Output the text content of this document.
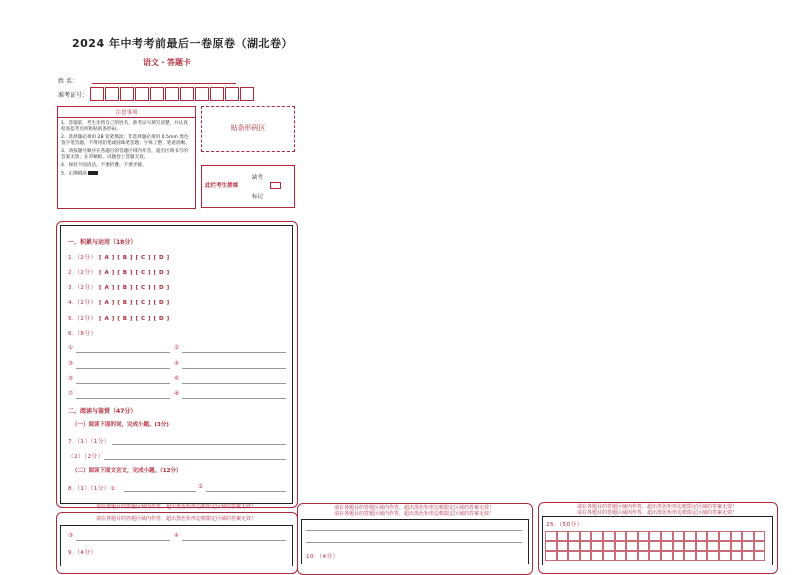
2024 年中考考前最后一卷原卷（湖北卷）
语文・答题卡
姓 名：
准考证号：
注意事项

1．答题前，考生先将自己的姓名，准考证号填写清楚，并认真检查监考员所粘贴的条形码。

2．选择题必须用 2B 铅笔填涂；非选择题必须用 0.5mm 黑色签字笔答题，不得用铅笔或圆珠笔答题；字体工整、笔迹清晰。

3．请按题号顺序在各题目的答题区域内作答，超出区域书写的答案无效；在草稿纸、试题卷上答题无效。

4．保持卡面清洁，不要折叠、不要弄破。

5．正确填涂

贴条形码区
此栏考生禁填
缺考
标记
一、积累与运用（18分）
1.（2分） [ A ] [ B ] [ C ] [ D ]
2.（2分） [ A ] [ B ] [ C ] [ D ]
3.（2分） [ A ] [ B ] [ C ] [ D ]
4.（2分） [ A ] [ B ] [ C ] [ D ]
5.（2分） [ A ] [ B ] [ C ] [ D ]
6.（8分）
①	②
③	④
⑤	⑥
⑦	⑧
二、阅读与鉴赏（47分）
（一）阅读下面的词，完成小题。(3分)
7.（1）（1分）
（2）（2分）
（二）阅读下面文言文，完成小题。（12分）
8.（1）（1分）①	②
请在各题目的答题区域内作答，超出黑色矩形边框限定区域的答案无效！
请在各题目的答题区域内作答，超出黑色矩形边框限定区域的答案无效！
③	④
9.（4分）
请在各题目的答题区域内作答，超出黑色矩形边框限定区域的答案无效！
请在各题目的答题区域内作答，超出黑色矩形边框限定区域的答案无效！
10.（4分）
请在各题目的答题区域内作答，超出黑色矩形边框限定区域的答案无效！
请在各题目的答题区域内作答，超出黑色矩形边框限定区域的答案无效！
25.（50分）
